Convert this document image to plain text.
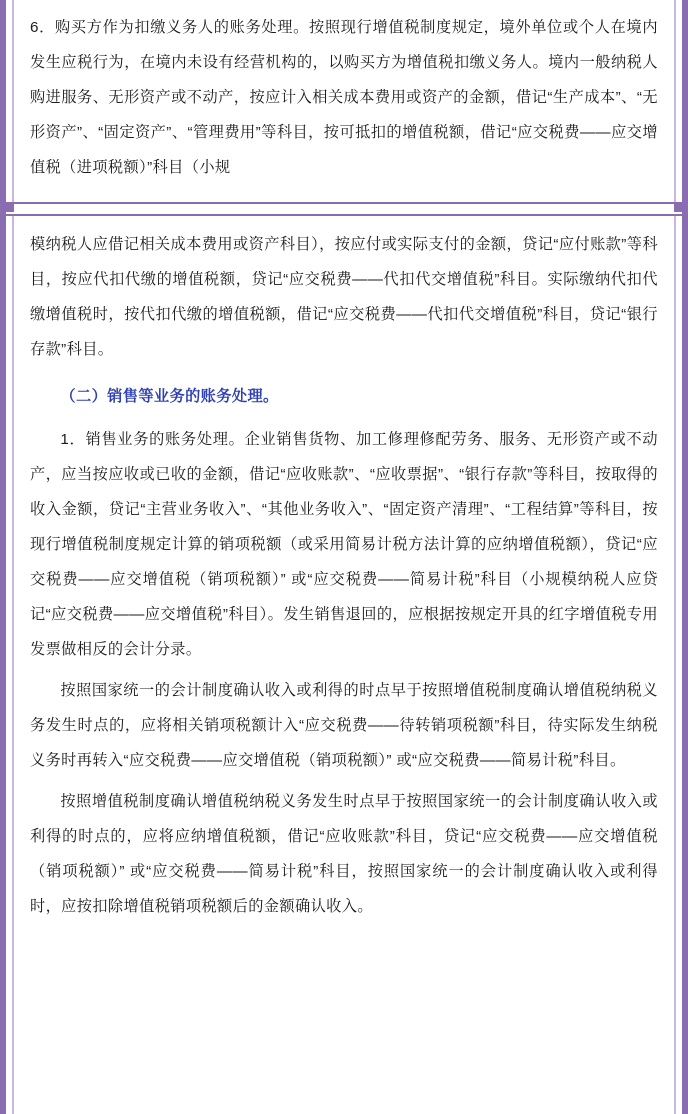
6．购买方作为扣缴义务人的账务处理。按照现行增值税制度规定，境外单位或个人在境内发生应税行为，在境内未设有经营机构的，以购买方为增值税扣缴义务人。境内一般纳税人购进服务、无形资产或不动产，按应计入相关成本费用或资产的金额，借记“生产成本”、“无形资产”、“固定资产”、“管理费用”等科目，按可抵扣的增值税额，借记“应交税费——应交增值税（进项税额）”科目（小规

模纳税人应借记相关成本费用或资产科目），按应付或实际支付的金额，贷记“应付账款”等科目，按应代扣代缴的增值税额，贷记“应交税费——代扣代交增值税”科目。实际缴纳代扣代缴增值税时，按代扣代缴的增值税额，借记“应交税费——代扣代交增值税”科目，贷记“银行存款”科目。

（二）销售等业务的账务处理。

1．销售业务的账务处理。企业销售货物、加工修理修配劳务、服务、无形资产或不动产，应当按应收或已收的金额，借记“应收账款”、“应收票据”、“银行存款”等科目，按取得的收入金额，贷记“主营业务收入”、“其他业务收入”、“固定资产清理”、“工程结算”等科目，按现行增值税制度规定计算的销项税额（或采用简易计税方法计算的应纳增值税额），贷记“应交税费——应交增值税（销项税额）” 或“应交税费——简易计税”科目（小规模纳税人应贷记“应交税费——应交增值税”科目）。发生销售退回的，应根据按规定开具的红字增值税专用发票做相反的会计分录。

按照国家统一的会计制度确认收入或利得的时点早于按照增值税制度确认增值税纳税义务发生时点的，应将相关销项税额计入“应交税费——待转销项税额”科目，待实际发生纳税义务时再转入“应交税费——应交增值税（销项税额）” 或“应交税费——简易计税”科目。

按照增值税制度确认增值税纳税义务发生时点早于按照国家统一的会计制度确认收入或利得的时点的，应将应纳增值税额，借记“应收账款”科目，贷记“应交税费——应交增值税（销项税额）” 或“应交税费——简易计税”科目，按照国家统一的会计制度确认收入或利得时，应按扣除增值税销项税额后的金额确认收入。
